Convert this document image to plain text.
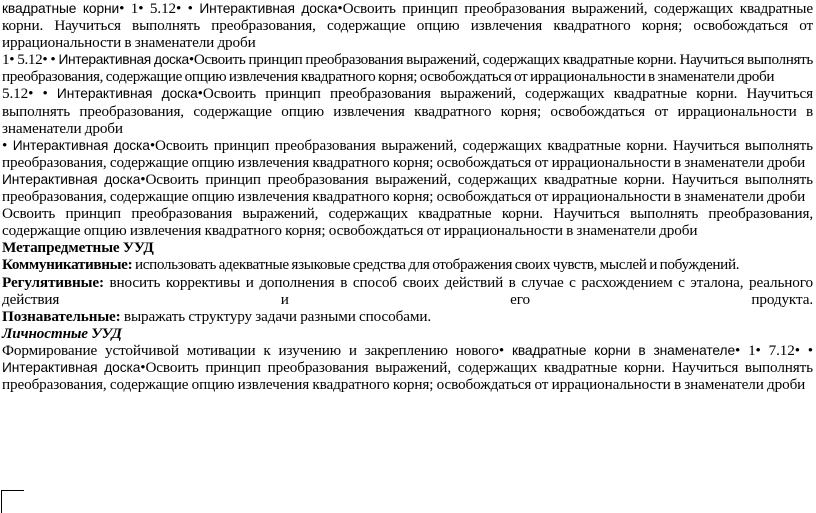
квадратные корни• 1• 5.12• • Интерактивная доска•Освоить принцип преобразования выражений, содержащих квадратные корни. Научиться выполнять преобразования, содержащие опцию извлечения квадратного корня; освобождаться от иррациональности в знаменатели дроби

1• 5.12• • Интерактивная доска•Освоить принцип преобразования выражений, содержащих квадратные корни. Научиться выполнять преобразования, содержащие опцию извлечения квадратного корня; освобождаться от иррациональности в знаменатели дроби

5.12• • Интерактивная доска•Освоить принцип преобразования выражений, содержащих квадратные корни. Научиться выполнять преобразования, содержащие опцию извлечения квадратного корня; освобождаться от иррациональности в знаменатели дроби

• Интерактивная доска•Освоить принцип преобразования выражений, содержащих квадратные корни. Научиться выполнять преобразования, содержащие опцию извлечения квадратного корня; освобождаться от иррациональности в знаменатели дроби

Интерактивная доска•Освоить принцип преобразования выражений, содержащих квадратные корни. Научиться выполнять преобразования, содержащие опцию извлечения квадратного корня; освобождаться от иррациональности в знаменатели дроби

Освоить принцип преобразования выражений, содержащих квадратные корни. Научиться выполнять преобразования, содержащие опцию извлечения квадратного корня; освобождаться от иррациональности в знаменатели дроби

Метапредметные УУД

Коммуникативные: использовать адекватные языковые средства для отображения своих чувств, мыслей и побуждений.

Регулятивные: вносить коррективы и дополнения в способ своих действий в случае с расхождением с эталона, реального действия и его продукта.

Познавательные: выражать структуру задачи разными способами.

Личностные УУД

Формирование устойчивой мотивации к изучению и закреплению нового• квадратные корни в знаменателе• 1• 7.12• • Интерактивная доска•Освоить принцип преобразования выражений, содержащих квадратные корни. Научиться выполнять преобразования, содержащие опцию извлечения квадратного корня; освобождаться от иррациональности в знаменатели дроби
